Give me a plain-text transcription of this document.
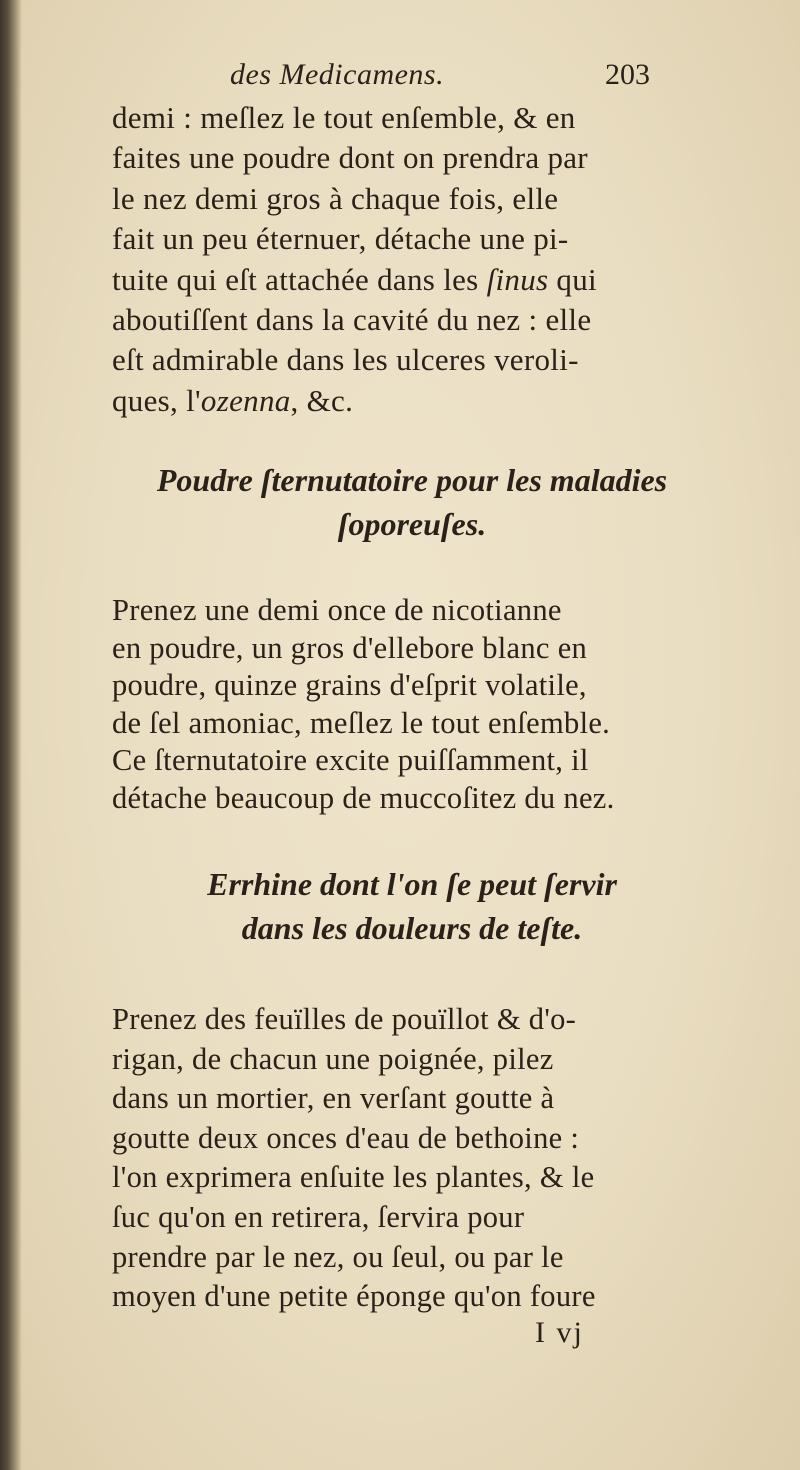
des Medicamens.	203
demi : meſlez le tout enſemble, & en
faites une poudre dont on prendra par
le nez demi gros à chaque fois, elle
fait un peu éternuer, détache une pi-
tuite qui eſt attachée dans les ſinus qui
aboutiſſent dans la cavité du nez : elle
eſt admirable dans les ulceres veroli-
ques, l'ozenna, &c.
Poudre ſternutatoire pour les maladies
ſoporeuſes.
Prenez une demi once de nicotianne
en poudre, un gros d'ellebore blanc en
poudre, quinze grains d'eſprit volatile,
de ſel amoniac, meſlez le tout enſemble.
Ce ſternutatoire excite puiſſamment, il
détache beaucoup de muccoſitez du nez.
Errhine dont l'on ſe peut ſervir
dans les douleurs de teſte.
Prenez des feuïlles de pouïllot & d'o-
rigan, de chacun une poignée, pilez
dans un mortier, en verſant goutte à
goutte deux onces d'eau de bethoine :
l'on exprimera enſuite les plantes, & le
ſuc qu'on en retirera, ſervira pour
prendre par le nez, ou ſeul, ou par le
moyen d'une petite éponge qu'on foure
I vj
